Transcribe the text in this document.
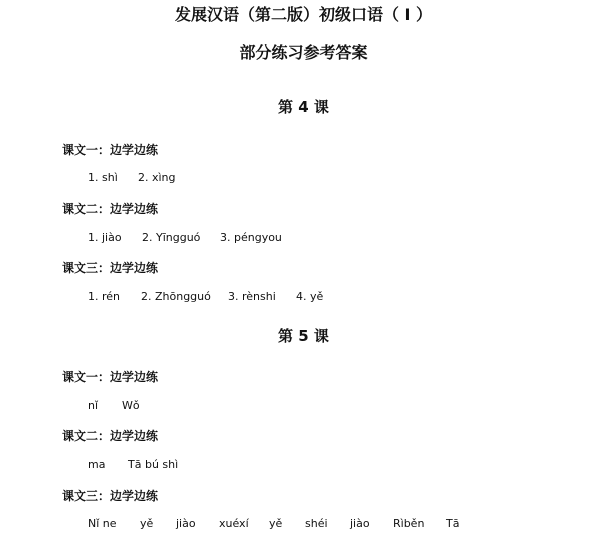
发展汉语（第二版）初级口语（ Ⅰ ）
部分练习参考答案
第 4 课
课文一：边学边练
1. shì 2. xìng
课文二：边学边练
1. jiào 2. Yīngguó 3. péngyou
课文三：边学边练
1. rén 2. Zhōngguó 3. rènshi 4. yě
第 5 课
课文一：边学边练
nǐ Wǒ
课文二：边学边练
ma Tā bú shì
课文三：边学边练
Nǐ ne yě jiào xuéxí yě shéi jiào Rìběn Tā
